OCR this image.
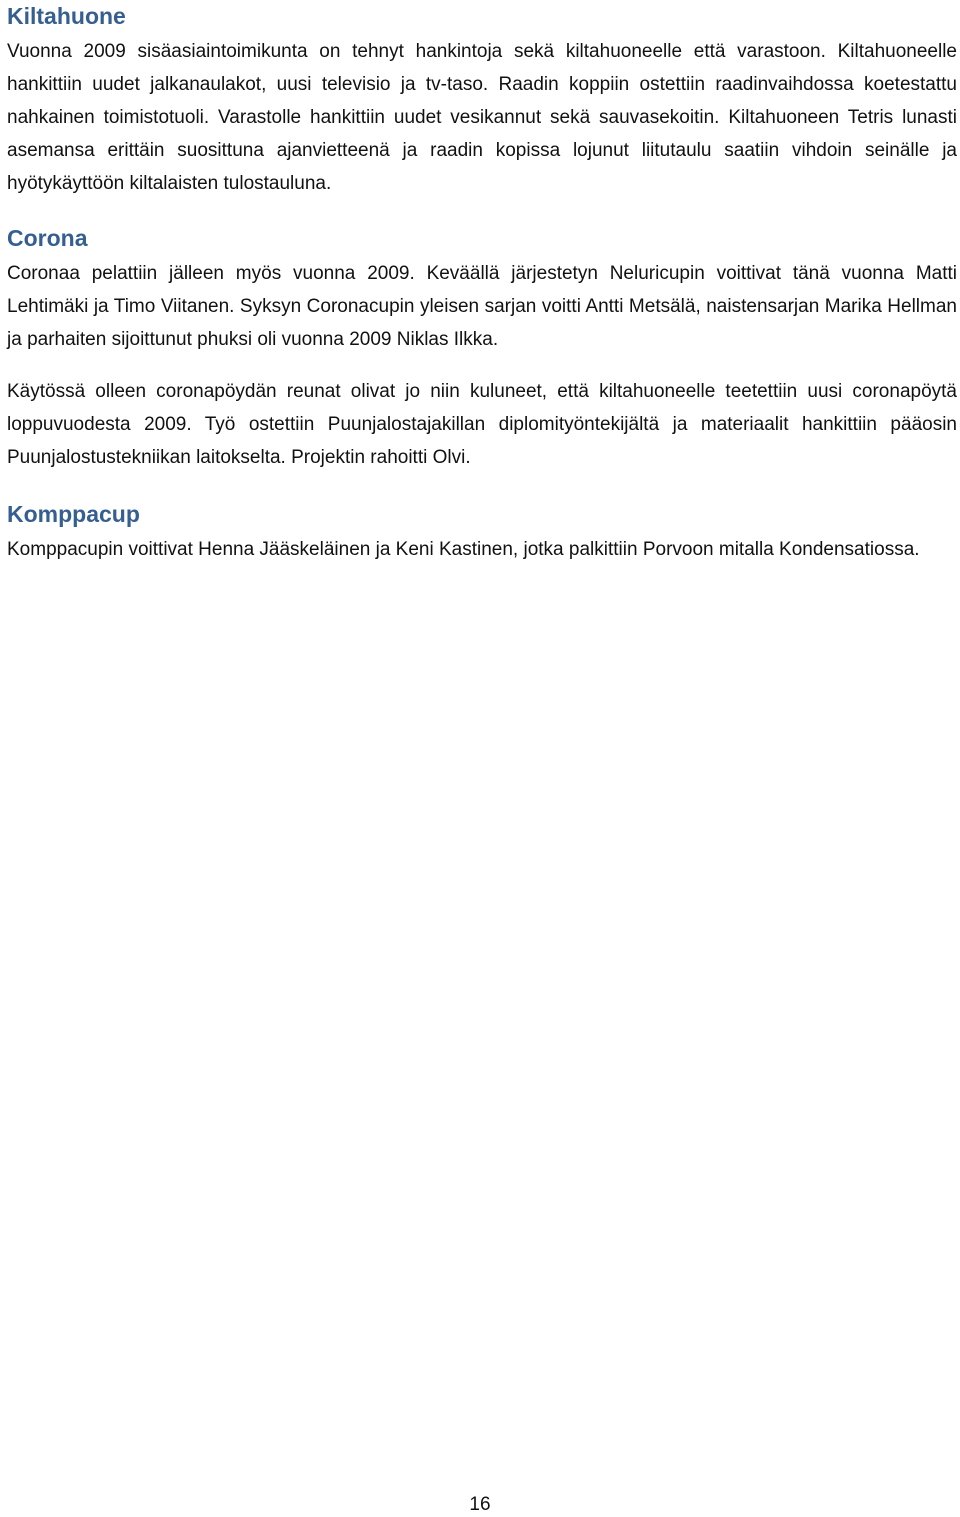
Kiltahuone

Vuonna 2009 sisäasiaintoimikunta on tehnyt hankintoja sekä kiltahuoneelle että varastoon. Kiltahuoneelle hankittiin uudet jalkanaulakot, uusi televisio ja tv-taso. Raadin koppiin ostettiin raadinvaihdossa koetestattu nahkainen toimistotuoli. Varastolle hankittiin uudet vesikannut sekä sauvasekoitin. Kiltahuoneen Tetris lunasti asemansa erittäin suosittuna ajanvietteenä ja raadin kopissa lojunut liitutaulu saatiin vihdoin seinälle ja hyötykäyttöön kiltalaisten tulostauluna.

Corona

Coronaa pelattiin jälleen myös vuonna 2009. Keväällä järjestetyn Neluricupin voittivat tänä vuonna Matti Lehtimäki ja Timo Viitanen. Syksyn Coronacupin yleisen sarjan voitti Antti Metsälä, naistensarjan Marika Hellman ja parhaiten sijoittunut phuksi oli vuonna 2009 Niklas Ilkka.

Käytössä olleen coronapöydän reunat olivat jo niin kuluneet, että kiltahuoneelle teetettiin uusi coronapöytä loppuvuodesta 2009. Työ ostettiin Puunjalostajakillan diplomityöntekijältä ja materiaalit hankittiin pääosin Puunjalostustekniikan laitokselta. Projektin rahoitti Olvi.

Komppacup

Komppacupin voittivat Henna Jääskeläinen ja Keni Kastinen, jotka palkittiin Porvoon mitalla Kondensatiossa.

16
